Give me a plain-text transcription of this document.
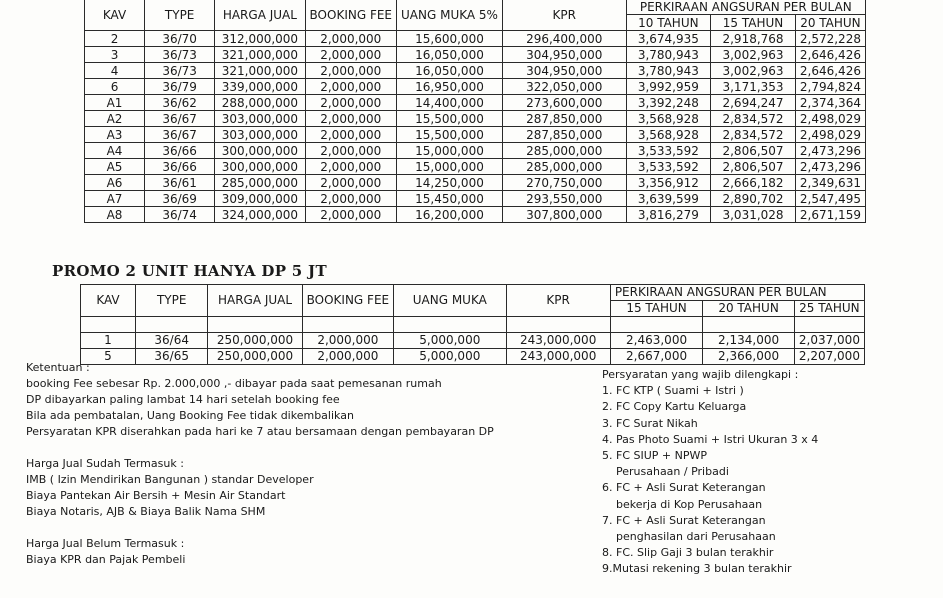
KAV	TYPE	HARGA JUAL	BOOKING FEE	UANG MUKA 5%	KPR	PERKIRAAN ANGSURAN PER BULAN		
						10 TAHUN	15 TAHUN	20 TAHUN
2	36/70	312,000,000	2,000,000	15,600,000	296,400,000	3,674,935	2,918,768	2,572,228
3	36/73	321,000,000	2,000,000	16,050,000	304,950,000	3,780,943	3,002,963	2,646,426
4	36/73	321,000,000	2,000,000	16,050,000	304,950,000	3,780,943	3,002,963	2,646,426
6	36/79	339,000,000	2,000,000	16,950,000	322,050,000	3,992,959	3,171,353	2,794,824
A1	36/62	288,000,000	2,000,000	14,400,000	273,600,000	3,392,248	2,694,247	2,374,364
A2	36/67	303,000,000	2,000,000	15,500,000	287,850,000	3,568,928	2,834,572	2,498,029
A3	36/67	303,000,000	2,000,000	15,500,000	287,850,000	3,568,928	2,834,572	2,498,029
A4	36/66	300,000,000	2,000,000	15,000,000	285,000,000	3,533,592	2,806,507	2,473,296
A5	36/66	300,000,000	2,000,000	15,000,000	285,000,000	3,533,592	2,806,507	2,473,296
A6	36/61	285,000,000	2,000,000	14,250,000	270,750,000	3,356,912	2,666,182	2,349,631
A7	36/69	309,000,000	2,000,000	15,450,000	293,550,000	3,639,599	2,890,702	2,547,495
A8	36/74	324,000,000	2,000,000	16,200,000	307,800,000	3,816,279	3,031,028	2,671,159
PROMO 2 UNIT HANYA DP 5 JT
KAV	TYPE	HARGA JUAL	BOOKING FEE	UANG MUKA	KPR	PERKIRAAN ANGSURAN PER BULAN		
						15 TAHUN	20 TAHUN	25 TAHUN

1	36/64	250,000,000	2,000,000	5,000,000	243,000,000	2,463,000	2,134,000	2,037,000
5	36/65	250,000,000	2,000,000	5,000,000	243,000,000	2,667,000	2,366,000	2,207,000
Ketentuan :
booking Fee sebesar Rp. 2.000,000 ,- dibayar pada saat pemesanan rumah
DP dibayarkan paling lambat 14 hari setelah booking fee
Bila ada pembatalan, Uang Booking Fee tidak dikembalikan
Persyaratan KPR diserahkan pada hari ke 7 atau bersamaan dengan pembayaran DP
Harga Jual Sudah Termasuk :
IMB ( Izin Mendirikan Bangunan ) standar Developer
Biaya Pantekan Air Bersih + Mesin Air Standart
Biaya Notaris, AJB & Biaya Balik Nama SHM
Harga Jual Belum Termasuk :
Biaya KPR dan Pajak Pembeli
Persyaratan yang wajib dilengkapi :
1. FC KTP ( Suami + Istri )
2. FC Copy Kartu Keluarga
3. FC Surat Nikah
4. Pas Photo Suami + Istri Ukuran 3 x 4
5. FC SIUP + NPWP
Perusahaan / Pribadi
6. FC + Asli Surat Keterangan
bekerja di Kop Perusahaan
7. FC + Asli Surat Keterangan
penghasilan dari Perusahaan
8. FC. Slip Gaji 3 bulan terakhir
9.Mutasi rekening 3 bulan terakhir
